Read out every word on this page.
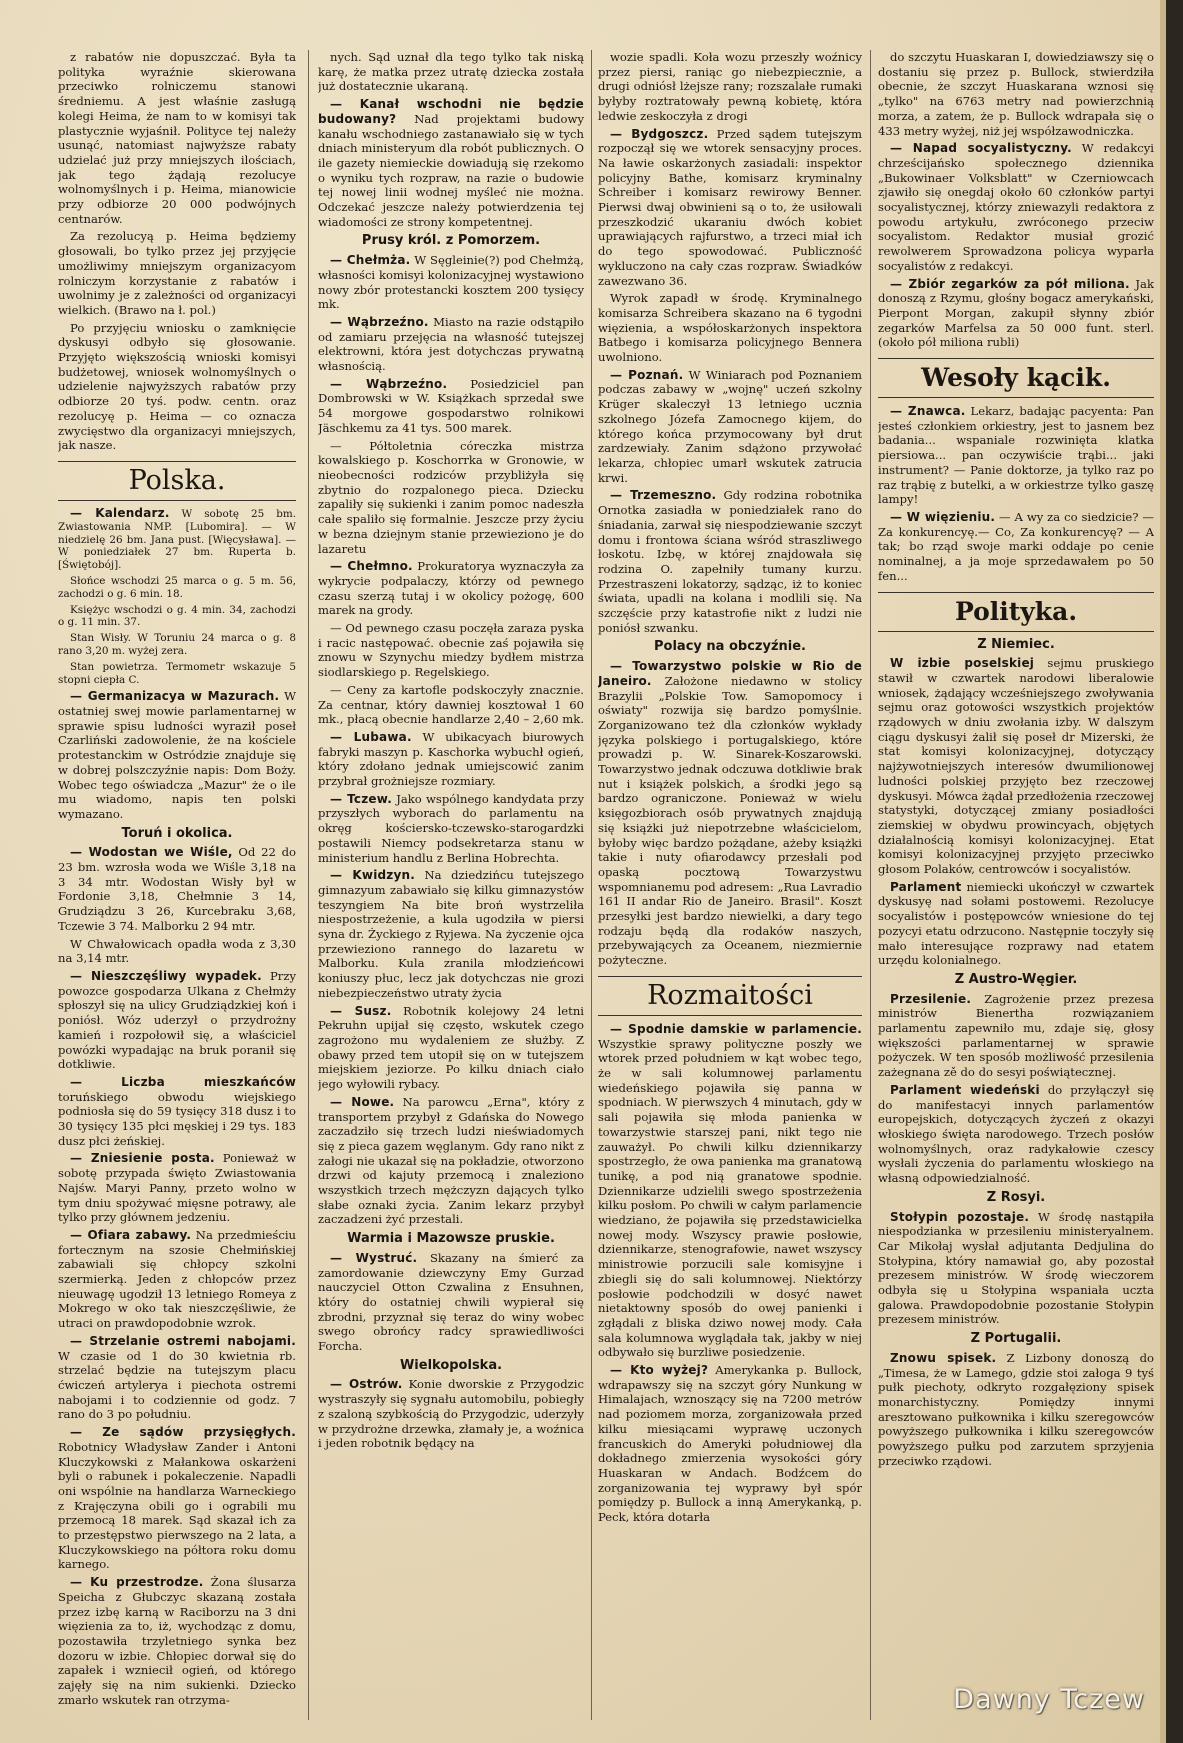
z rabatów nie dopuszczać. Była ta polityka wyraźnie skierowana przeciwko rolniczemu stanowi średniemu. A jest właśnie zasługą kolegi Heima, że nam to w komisyi tak plastycznie wyjaśnił. Polityce tej należy usunąć, natomiast najwyższe rabaty udzielać już przy mniejszych ilościach, jak tego żądają rezolucye wolnomyślnych i p. Heima, mianowicie przy odbiorze 20 000 podwójnych centnarów.

Za rezolucyą p. Heima będziemy głosowali, bo tylko przez jej przyjęcie umożliwimy mniejszym organizacyom rolniczym korzystanie z rabatów i uwolnimy je z zależności od organizacyi wielkich. (Brawo na ł. pol.)

Po przyjęciu wniosku o zamknięcie dyskusyi odbyło się głosowanie. Przyjęto większością wnioski komisyi budżetowej, wniosek wolnomyślnych o udzielenie najwyższych rabatów przy odbiorze 20 tyś. podw. centn. oraz rezolucyę p. Heima — co oznacza zwycięstwo dla organizacyi mniejszych, jak nasze.

Polska.

— Kalendarz. W sobotę 25 bm. Zwiastowania NMP. [Lubomira]. — W niedzielę 26 bm. Jana pust. [Więcysława]. — W poniedziałek 27 bm. Ruperta b. [Świętobój].

Słońce wschodzi 25 marca o g. 5 m. 56, zachodzi o g. 6 min. 18.

Księżyc wschodzi o g. 4 min. 34, zachodzi o g. 11 min. 37.

Stan Wisły. W Toruniu 24 marca o g. 8 rano 3,20 m. wyżej zera.

Stan powietrza. Termometr wskazuje 5 stopni ciepła C.

— Germanizacya w Mazurach. W ostatniej swej mowie parlamentarnej w sprawie spisu ludności wyraził poseł Czarliński zadowolenie, że na kościele protestanckim w Ostródzie znajduje się w dobrej polszczyźnie napis: Dom Boży. Wobec tego oświadcza „Mazur" że o ile mu wiadomo, napis ten polski wymazano.

Toruń i okolica.

— Wodostan we Wiśle, Od 22 do 23 bm. wzrosła woda we Wiśle 3,18 na 3 34 mtr. Wodostan Wisły był w Fordonie 3,18, Chełmnie 3 14, Grudziądzu 3 26, Kurcebraku 3,68, Tczewie 3 74. Malborku 2 94 mtr.

W Chwałowicach opadła woda z 3,30 na 3,14 mtr.

— Nieszczęśliwy wypadek. Przy powozce gospodarza Ulkana z Chełmży spłoszył się na ulicy Grudziądzkiej koń i poniósł. Wóz uderzył o przydrożny kamień i rozpołowił się, a właściciel powózki wypadając na bruk poranił się dotkliwie.

— Liczba mieszkańców toruńskiego obwodu wiejskiego podniosła się do 59 tysięcy 318 dusz i to 30 tysięcy 135 płci męskiej i 29 tys. 183 dusz płci żeńskiej.

— Zniesienie posta. Ponieważ w sobotę przypada święto Zwiastowania Najśw. Maryi Panny, przeto wolno w tym dniu spożywać mięsne potrawy, ale tylko przy głównem jedzeniu.

— Ofiara zabawy. Na przedmieściu fortecznym na szosie Chełmińskiej zabawiali się chłopcy szkolni szermierką. Jeden z chłopców przez nieuwagę ugodził 13 letniego Romeya z Mokrego w oko tak nieszczęśliwie, że utraci on prawdopodobnie wzrok.

— Strzelanie ostremi nabojami. W czasie od 1 do 30 kwietnia rb. strzelać będzie na tutejszym placu ćwiczeń artylerya i piechota ostremi nabojami i to codziennie od godz. 7 rano do 3 po południu.

— Ze sądów przysięgłych. Robotnicy Władysław Zander i Antoni Kluczykowski z Małankowa oskarżeni byli o rabunek i pokaleczenie. Napadli oni wspólnie na handlarza Warneckiego z Krajęczyna obili go i ograbili mu przemocą 18 marek. Sąd skazał ich za to przestępstwo pierwszego na 2 lata, a Kluczykowskiego na półtora roku domu karnego.

— Ku przestrodze. Żona ślusarza Speicha z Głubczyc skazaną została przez izbę karną w Raciborzu na 3 dni więzienia za to, iż, wychodząc z domu, pozostawiła trzyletniego synka bez dozoru w izbie. Chłopiec dorwał się do zapałek i wzniecił ogień, od którego zajęły się na nim sukienki. Dziecko zmarło wskutek ran otrzyma-

nych. Sąd uznał dla tego tylko tak niską karę, że matka przez utratę dziecka została już dostatecznie ukaraną.

— Kanał wschodni nie będzie budowany? Nad projektami budowy kanału wschodniego zastanawiało się w tych dniach ministeryum dla robót publicznych. O ile gazety niemieckie dowiadują się rzekomo o wyniku tych rozpraw, na razie o budowie tej nowej linii wodnej myśleć nie można. Odczekać jeszcze należy potwierdzenia tej wiadomości ze strony kompetentnej.

Prusy król. z Pomorzem.

— Chełmża. W Sęgleinie(?) pod Chełmżą, własności komisyi kolonizacyjnej wystawiono nowy zbór protestancki kosztem 200 tysięcy mk.

— Wąbrzeźno. Miasto na razie odstąpiło od zamiaru przejęcia na własność tutejszej elektrowni, która jest dotychczas prywatną własnością.

— Wąbrzeźno. Posiedziciel pan Dombrowski w W. Książkach sprzedał swe 54 morgowe gospodarstwo rolnikowi Jäschkemu za 41 tys. 500 marek.

— Półtoletnia córeczka mistrza kowalskiego p. Koschorrka w Gronowie, w nieobecności rodziców przybliżyła się zbytnio do rozpalonego pieca. Dziecku zapaliły się sukienki i zanim pomoc nadeszła całe spaliło się formalnie. Jeszcze przy życiu w bezna dziejnym stanie przewieziono je do lazaretu

— Chełmno. Prokuratorya wyznaczyła za wykrycie podpalaczy, którzy od pewnego czasu szerzą tutaj i w okolicy pożogę, 600 marek na grody.

— Od pewnego czasu poczęła zaraza pyska i racic następować. obecnie zaś pojawiła się znowu w Szynychu miedzy bydłem mistrza siodlarskiego p. Regelskiego.

— Ceny za kartofle podskoczyły znacznie. Za centnar, który dawniej kosztował 1 60 mk., płacą obecnie handlarze 2,40 – 2,60 mk.

— Lubawa. W ubikacyach biurowych fabryki maszyn p. Kaschorka wybuchł ogień, który zdołano jednak umiejscowić zanim przybrał grożniejsze rozmiary.

— Tczew. Jako wspólnego kandydata przy przyszłych wyborach do parlamentu na okręg kościersko-tczewsko-starogardzki postawili Niemcy podsekretarza stanu w ministerium handlu z Berlina Hobrechta.

— Kwidzyn. Na dziedzińcu tutejszego gimnazyum zabawiało się kilku gimnazystów teszyngiem Na bite broń wystrzeliła niespostrzeżenie, a kula ugodziła w piersi syna dr. Życkiego z Ryjewa. Na życzenie ojca przewieziono rannego do lazaretu w Malborku. Kula zranila młodzieńcowi koniuszy płuc, lecz jak dotychczas nie grozi niebezpieczeństwo utraty życia

— Susz. Robotnik kolejowy 24 letni Pekruhn upijał się często, wskutek czego zagrożono mu wydaleniem ze służby. Z obawy przed tem utopił się on w tutejszem miejskiem jeziorze. Po kilku dniach ciało jego wyłowili rybacy.

— Nowe. Na parowcu „Erna", który z transportem przybył z Gdańska do Nowego zaczadziło się trzech ludzi nieświadomych się z pieca gazem węglanym. Gdy rano nikt z załogi nie ukazał się na pokładzie, otworzono drzwi od kajuty przemocą i znaleziono wszystkich trzech mężczyzn dających tylko słabe oznaki życia. Zanim lekarz przybył zaczadzeni żyć przestali.

Warmia i Mazowsze pruskie.

— Wystruć. Skazany na śmierć za zamordowanie dziewczyny Emy Gurzad nauczyciel Otton Czwalina z Ensuhnen, który do ostatniej chwili wypierał się zbrodni, przyznał się teraz do winy wobec swego obrońcy radcy sprawiedliwości Forcha.

Wielkopolska.

— Ostrów. Konie dworskie z Przygodzic wystraszyły się sygnału automobilu, pobiegły z szaloną szybkością do Przygodzic, uderzyły w przydrożne drzewka, złamały je, a woźnica i jeden robotnik będący na

wozie spadli. Koła wozu przeszły woźnicy przez piersi, raniąc go niebezpiecznie, a drugi odniósł lżejsze rany; rozszalałe rumaki byłyby roztratowały pewną kobietę, która ledwie zeskoczyła z drogi

— Bydgoszcz. Przed sądem tutejszym rozpoczął się we wtorek sensacyjny proces. Na ławie oskarżonych zasiadali: inspektor policyjny Bathe, komisarz kryminalny Schreiber i komisarz rewirowy Benner. Pierwsi dwaj obwinieni są o to, że usiłowali przeszkodzić ukaraniu dwóch kobiet uprawiających rajfurstwo, a trzeci miał ich do tego spowodować. Publiczność wykluczono na cały czas rozpraw. Świadków zawezwano 36.

Wyrok zapadł w środę. Kryminalnego komisarza Schreibera skazano na 6 tygodni więzienia, a współoskarżonych inspektora Batbego i komisarza policyjnego Bennera uwolniono.

— Poznań. W Winiarach pod Poznaniem podczas zabawy w „wojnę" uczeń szkolny Krüger skaleczył 13 letniego ucznia szkolnego Józefa Zamocnego kijem, do którego końca przymocowany był drut zardzewiały. Zanim sdążono przywołać lekarza, chłopiec umarł wskutek zatrucia krwi.

— Trzemeszno. Gdy rodzina robotnika Ornotka zasiadła w poniedziałek rano do śniadania, zarwał się niespodziewanie szczyt domu i frontowa ściana wśród straszliwego łoskotu. Izbę, w której znajdowała się rodzina O. zapełniły tumany kurzu. Przestraszeni lokatorzy, sądząc, iż to koniec świata, upadli na kolana i modlili się. Na szczęście przy katastrofie nikt z ludzi nie poniósł szwanku.

Polacy na obczyźnie.

— Towarzystwo polskie w Rio de Janeiro. Założone niedawno w stolicy Brazylii „Polskie Tow. Samopomocy i oświaty" rozwija się bardzo pomyślnie. Zorganizowano też dla członków wykłady języka polskiego i portugalskiego, które prowadzi p. W. Sinarek-Koszarowski. Towarzystwo jednak odczuwa dotkliwie brak nut i książek polskich, a środki jego są bardzo ograniczone. Ponieważ w wielu księgozbiorach osób prywatnych znajdują się książki już niepotrzebne właścicielom, byłoby więc bardzo pożądane, ażeby książki takie i nuty ofiarodawcy przesłali pod opaską pocztową Towarzystwu wspomnianemu pod adresem: „Rua Lavradio 161 II andar Rio de Janeiro. Brasil". Koszt przesyłki jest bardzo niewielki, a dary tego rodzaju będą dla rodaków naszych, przebywających za Oceanem, niezmiernie pożyteczne.

Rozmaitości

— Spodnie damskie w parlamencie. Wszystkie sprawy polityczne poszły we wtorek przed południem w kąt wobec tego, że w sali kolumnowej parlamentu wiedeńskiego pojawiła się panna w spodniach. W pierwszych 4 minutach, gdy w sali pojawiła się młoda panienka w towarzystwie starszej pani, nikt tego nie zauważył. Po chwili kilku dziennikarzy spostrzegło, że owa panienka ma granatową tunikę, a pod nią granatowe spodnie. Dziennikarze udzielili swego spostrzeżenia kilku posłom. Po chwili w całym parlamencie wiedziano, że pojawiła się przedstawicielka nowej mody. Wszyscy prawie posłowie, dziennikarze, stenografowie, nawet wszyscy ministrowie porzucili sale komisyjne i zbiegli się do sali kolumnowej. Niektórzy posłowie podchodzili w dosyć nawet nietaktowny sposób do owej panienki i zgłądali z bliska dziwo nowej mody. Cała sala kolumnowa wyglądała tak, jakby w niej odbywało się burzliwe posiedzenie.

— Kto wyżej? Amerykanka p. Bullock, wdrapawszy się na szczyt góry Nunkung w Himalajach, wznoszący się na 7200 metrów nad poziomem morza, zorganizowała przed kilku miesiącami wyprawę uczonych francuskich do Ameryki południowej dla dokładnego zmierzenia wysokości góry Huaskaran w Andach. Bodźcem do zorganizowania tej wyprawy był spór pomiędzy p. Bullock a inną Amerykanką, p. Peck, która dotarła

do szczytu Huaskaran I, dowiedziawszy się o dostaniu się przez p. Bullock, stwierdziła obecnie, że szczyt Huaskarana wznosi się „tylko" na 6763 metry nad powierzchnią morza, a zatem, że p. Bullock wdrapała się o 433 metry wyżej, niż jej współzawodniczka.

— Napad socyalistyczny. W redakcyi chrześcijańsko społecznego dziennika „Bukowinaer Volksblatt" w Czerniowcach zjawiło się onegdaj około 60 członków partyi socyalistycznej, którzy zniewazyli redaktora z powodu artykułu, zwróconego przeciw socyalistom. Redaktor musiał grozić rewolwerem Sprowadzona policya wyparła socyalistów z redakcyi.

— Zbiór zegarków za pół miliona. Jak donoszą z Rzymu, głośny bogacz amerykański, Pierpont Morgan, zakupił słynny zbiór zegarków Marfelsa za 50 000 funt. sterl. (około pół miliona rubli)

Wesoły kącik.

— Znawca. Lekarz, badając pacyenta: Pan jesteś członkiem orkiestry, jest to jasnem bez badania... wspaniale rozwinięta klatka piersiowa... pan oczywiście trąbi... jaki instrument? — Panie doktorze, ja tylko raz po raz trąbię z butelki, a w orkiestrze tylko gaszę lampy!

— W więzieniu. — A wy za co siedzicie? — Za konkurencyę.— Co, Za konkurencyę? — A tak; bo rząd swoje marki oddaje po cenie nominalnej, a ja moje sprzedawałem po 50 fen...

Polityka.
Z Niemiec.

W izbie poselskiej sejmu pruskiego stawił w czwartek narodowi liberalowie wniosek, żądający wcześniejszego zwoływania sejmu oraz gotowości wszystkich projektów rządowych w dniu zwołania izby. W dalszym ciągu dyskusyi żalił się poseł dr Mizerski, że stat komisyi kolonizacyjnej, dotyczący najżywotniejszych interesów dwumilionowej ludności polskiej przyjęto bez rzeczowej dyskusyi. Mówca żądał przedłożenia rzeczowej statystyki, dotyczącej zmiany posiadłości ziemskiej w obydwu prowincyach, objętych działalnością komisyi kolonizacyjnej. Etat komisyi kolonizacyjnej przyjęto przeciwko głosom Polaków, centrowców i socyalistów.

Parlament niemiecki ukończył w czwartek dyskusyę nad sołami postowemi. Rezolucye socyalistów i postępowców wniesione do tej pozycyi etatu odrzucono. Następnie toczyły się mało interesujące rozprawy nad etatem urzędu kolonialnego.

Z Austro-Węgier.

Przesilenie. Zagrożenie przez prezesa ministrów Bienertha rozwiązaniem parlamentu zapewniło mu, zdaje się, głosy większości parlamentarnej w sprawie pożyczek. W ten sposób możliwość przesilenia zażegnana zě do do sesyi poświątecznej.

Parlament wiedeński do przyłączył się do manifestacyi innych parlamentów europejskich, dotyczących życzeń z okazyi włoskiego święta narodowego. Trzech posłów wolnomyślnych, oraz radykałowie czescy wysłali życzenia do parlamentu włoskiego na własną odpowiedzialność.

Z Rosyi.

Stołypin pozostaje. W środę nastąpiła niespodzianka w przesileniu ministeryalnem. Car Mikołaj wysłał adjutanta Dedjulina do Stołypina, który namawiał go, aby pozostał prezesem ministrów. W środę wieczorem odbyła się u Stołypina wspaniała uczta galowa. Prawdopodobnie pozostanie Stołypin prezesem ministrów.

Z Portugalii.

Znowu spisek. Z Lizbony donoszą do „Timesa, że w Lamego, gdzie stoi załoga 9 tyś pułk piechoty, odkryto rozgałęziony spisek monarchistyczny. Pomiędzy innymi aresztowano pułkownika i kilku szeregowców powyższego pułkownika i kilku szeregowców powyższego pułku pod zarzutem sprzyjenia przeciwko rządowi.

Dawny Tczew
